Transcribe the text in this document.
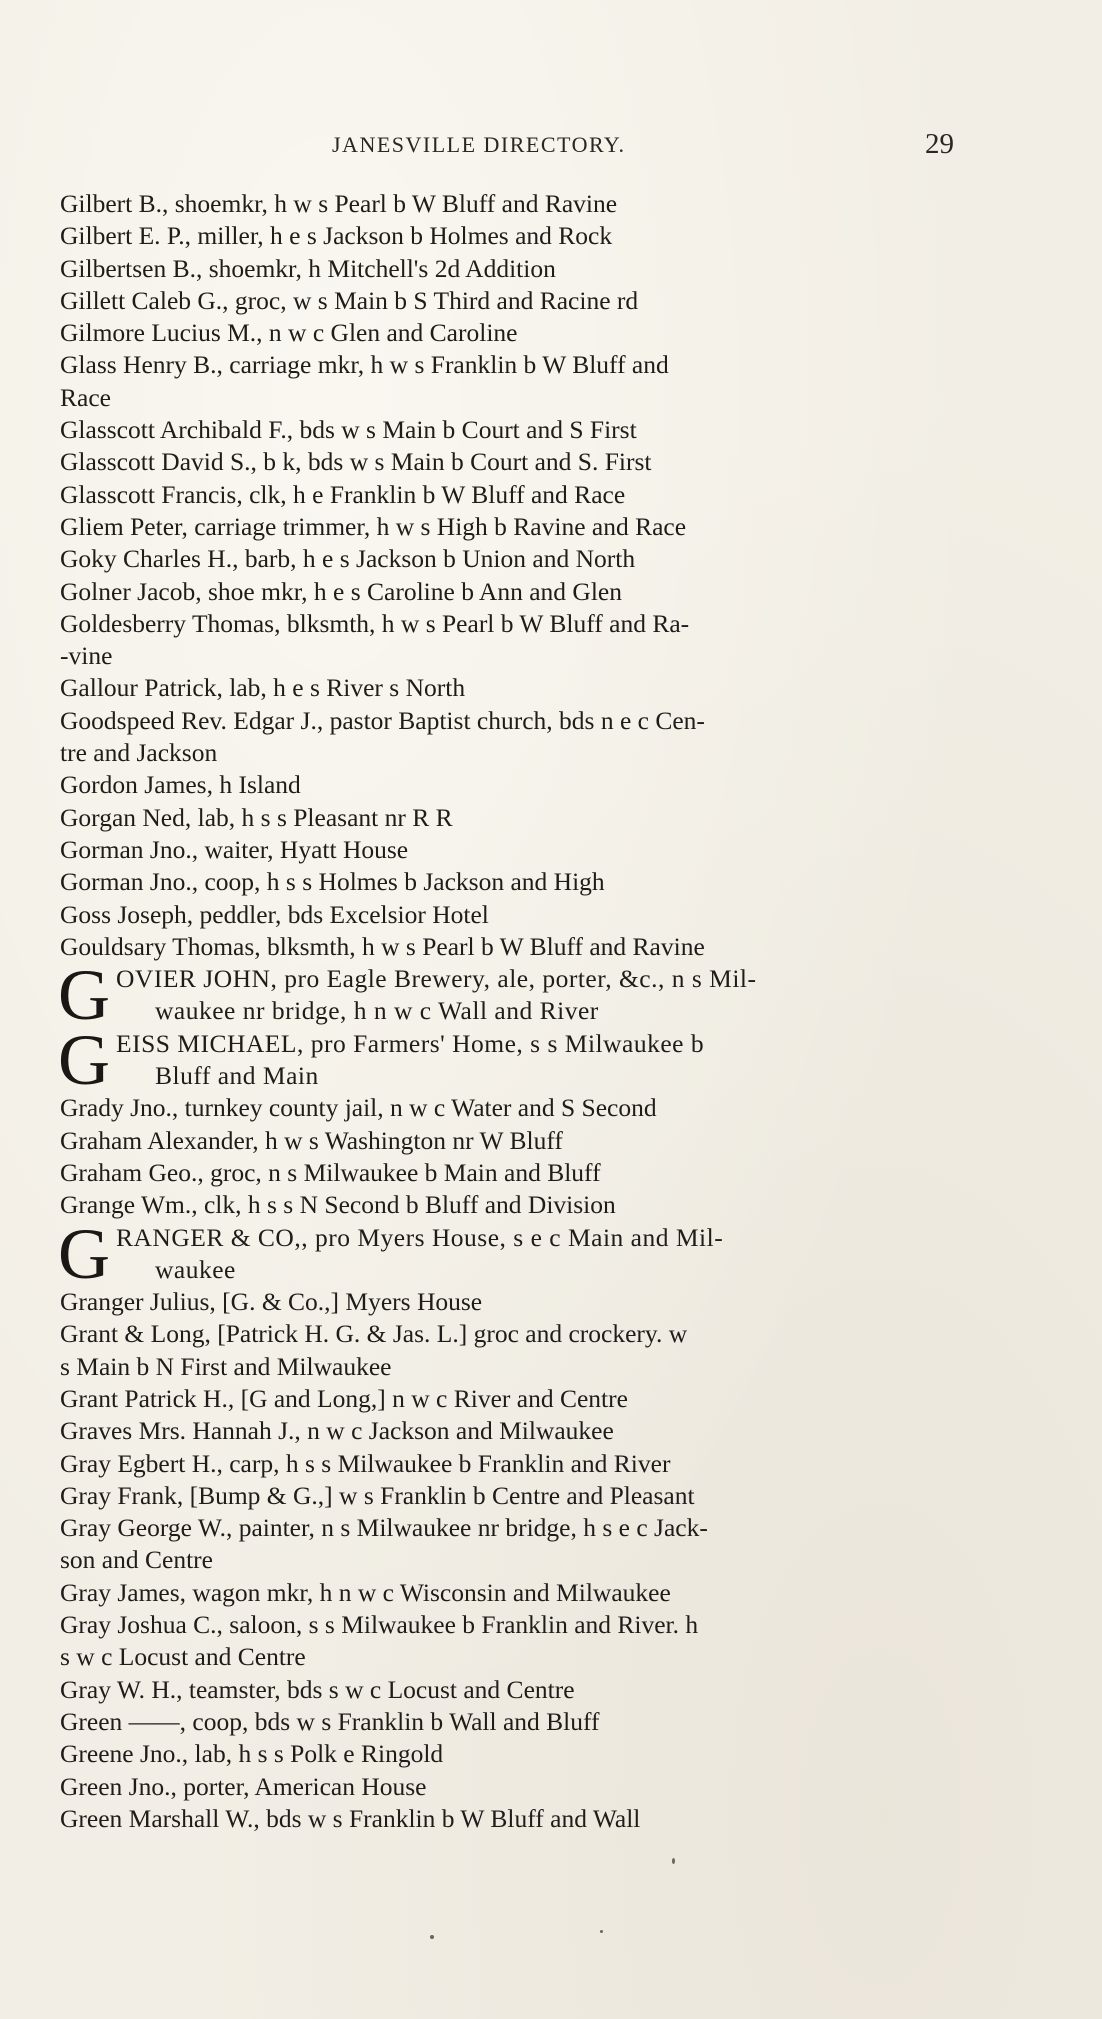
JANESVILLE DIRECTORY.	29
Gilbert B., shoemkr, h w s Pearl b W Bluff and Ravine
Gilbert E. P., miller, h e s Jackson b Holmes and Rock
Gilbertsen B., shoemkr, h Mitchell's 2d Addition
Gillett Caleb G., groc, w s Main b S Third and Racine rd
Gilmore Lucius M., n w c Glen and Caroline
Glass Henry B., carriage mkr, h w s Franklin b W Bluff and
Race
Glasscott Archibald F., bds w s Main b Court and S First
Glasscott David S., b k, bds w s Main b Court and S. First
Glasscott Francis, clk, h e Franklin b W Bluff and Race
Gliem Peter, carriage trimmer, h w s High b Ravine and Race
Goky Charles H., barb, h e s Jackson b Union and North
Golner Jacob, shoe mkr, h e s Caroline b Ann and Glen
Goldesberry Thomas, blksmth, h w s Pearl b W Bluff and Ra-
-vine
Gallour Patrick, lab, h e s River s North
Goodspeed Rev. Edgar J., pastor Baptist church, bds n e c Cen-
tre and Jackson
Gordon James, h Island
Gorgan Ned, lab, h s s Pleasant nr R R
Gorman Jno., waiter, Hyatt House
Gorman Jno., coop, h s s Holmes b Jackson and High
Goss Joseph, peddler, bds Excelsior Hotel
Gouldsary Thomas, blksmth, h w s Pearl b W Bluff and Ravine
G OVIER JOHN, pro Eagle Brewery, ale, porter, &c., n s Mil-
waukee nr bridge, h n w c Wall and River
G EISS MICHAEL, pro Farmers' Home, s s Milwaukee b
Bluff and Main
Grady Jno., turnkey county jail, n w c Water and S Second
Graham Alexander, h w s Washington nr W Bluff
Graham Geo., groc, n s Milwaukee b Main and Bluff
Grange Wm., clk, h s s N Second b Bluff and Division
G RANGER & CO,, pro Myers House, s e c Main and Mil-
waukee
Granger Julius, [G. & Co.,] Myers House
Grant & Long, [Patrick H. G. & Jas. L.] groc and crockery. w
s Main b N First and Milwaukee
Grant Patrick H., [G and Long,] n w c River and Centre
Graves Mrs. Hannah J., n w c Jackson and Milwaukee
Gray Egbert H., carp, h s s Milwaukee b Franklin and River
Gray Frank, [Bump & G.,] w s Franklin b Centre and Pleasant
Gray George W., painter, n s Milwaukee nr bridge, h s e c Jack-
son and Centre
Gray James, wagon mkr, h n w c Wisconsin and Milwaukee
Gray Joshua C., saloon, s s Milwaukee b Franklin and River. h
s w c Locust and Centre
Gray W. H., teamster, bds s w c Locust and Centre
Green ——, coop, bds w s Franklin b Wall and Bluff
Greene Jno., lab, h s s Polk e Ringold
Green Jno., porter, American House
Green Marshall W., bds w s Franklin b W Bluff and Wall
